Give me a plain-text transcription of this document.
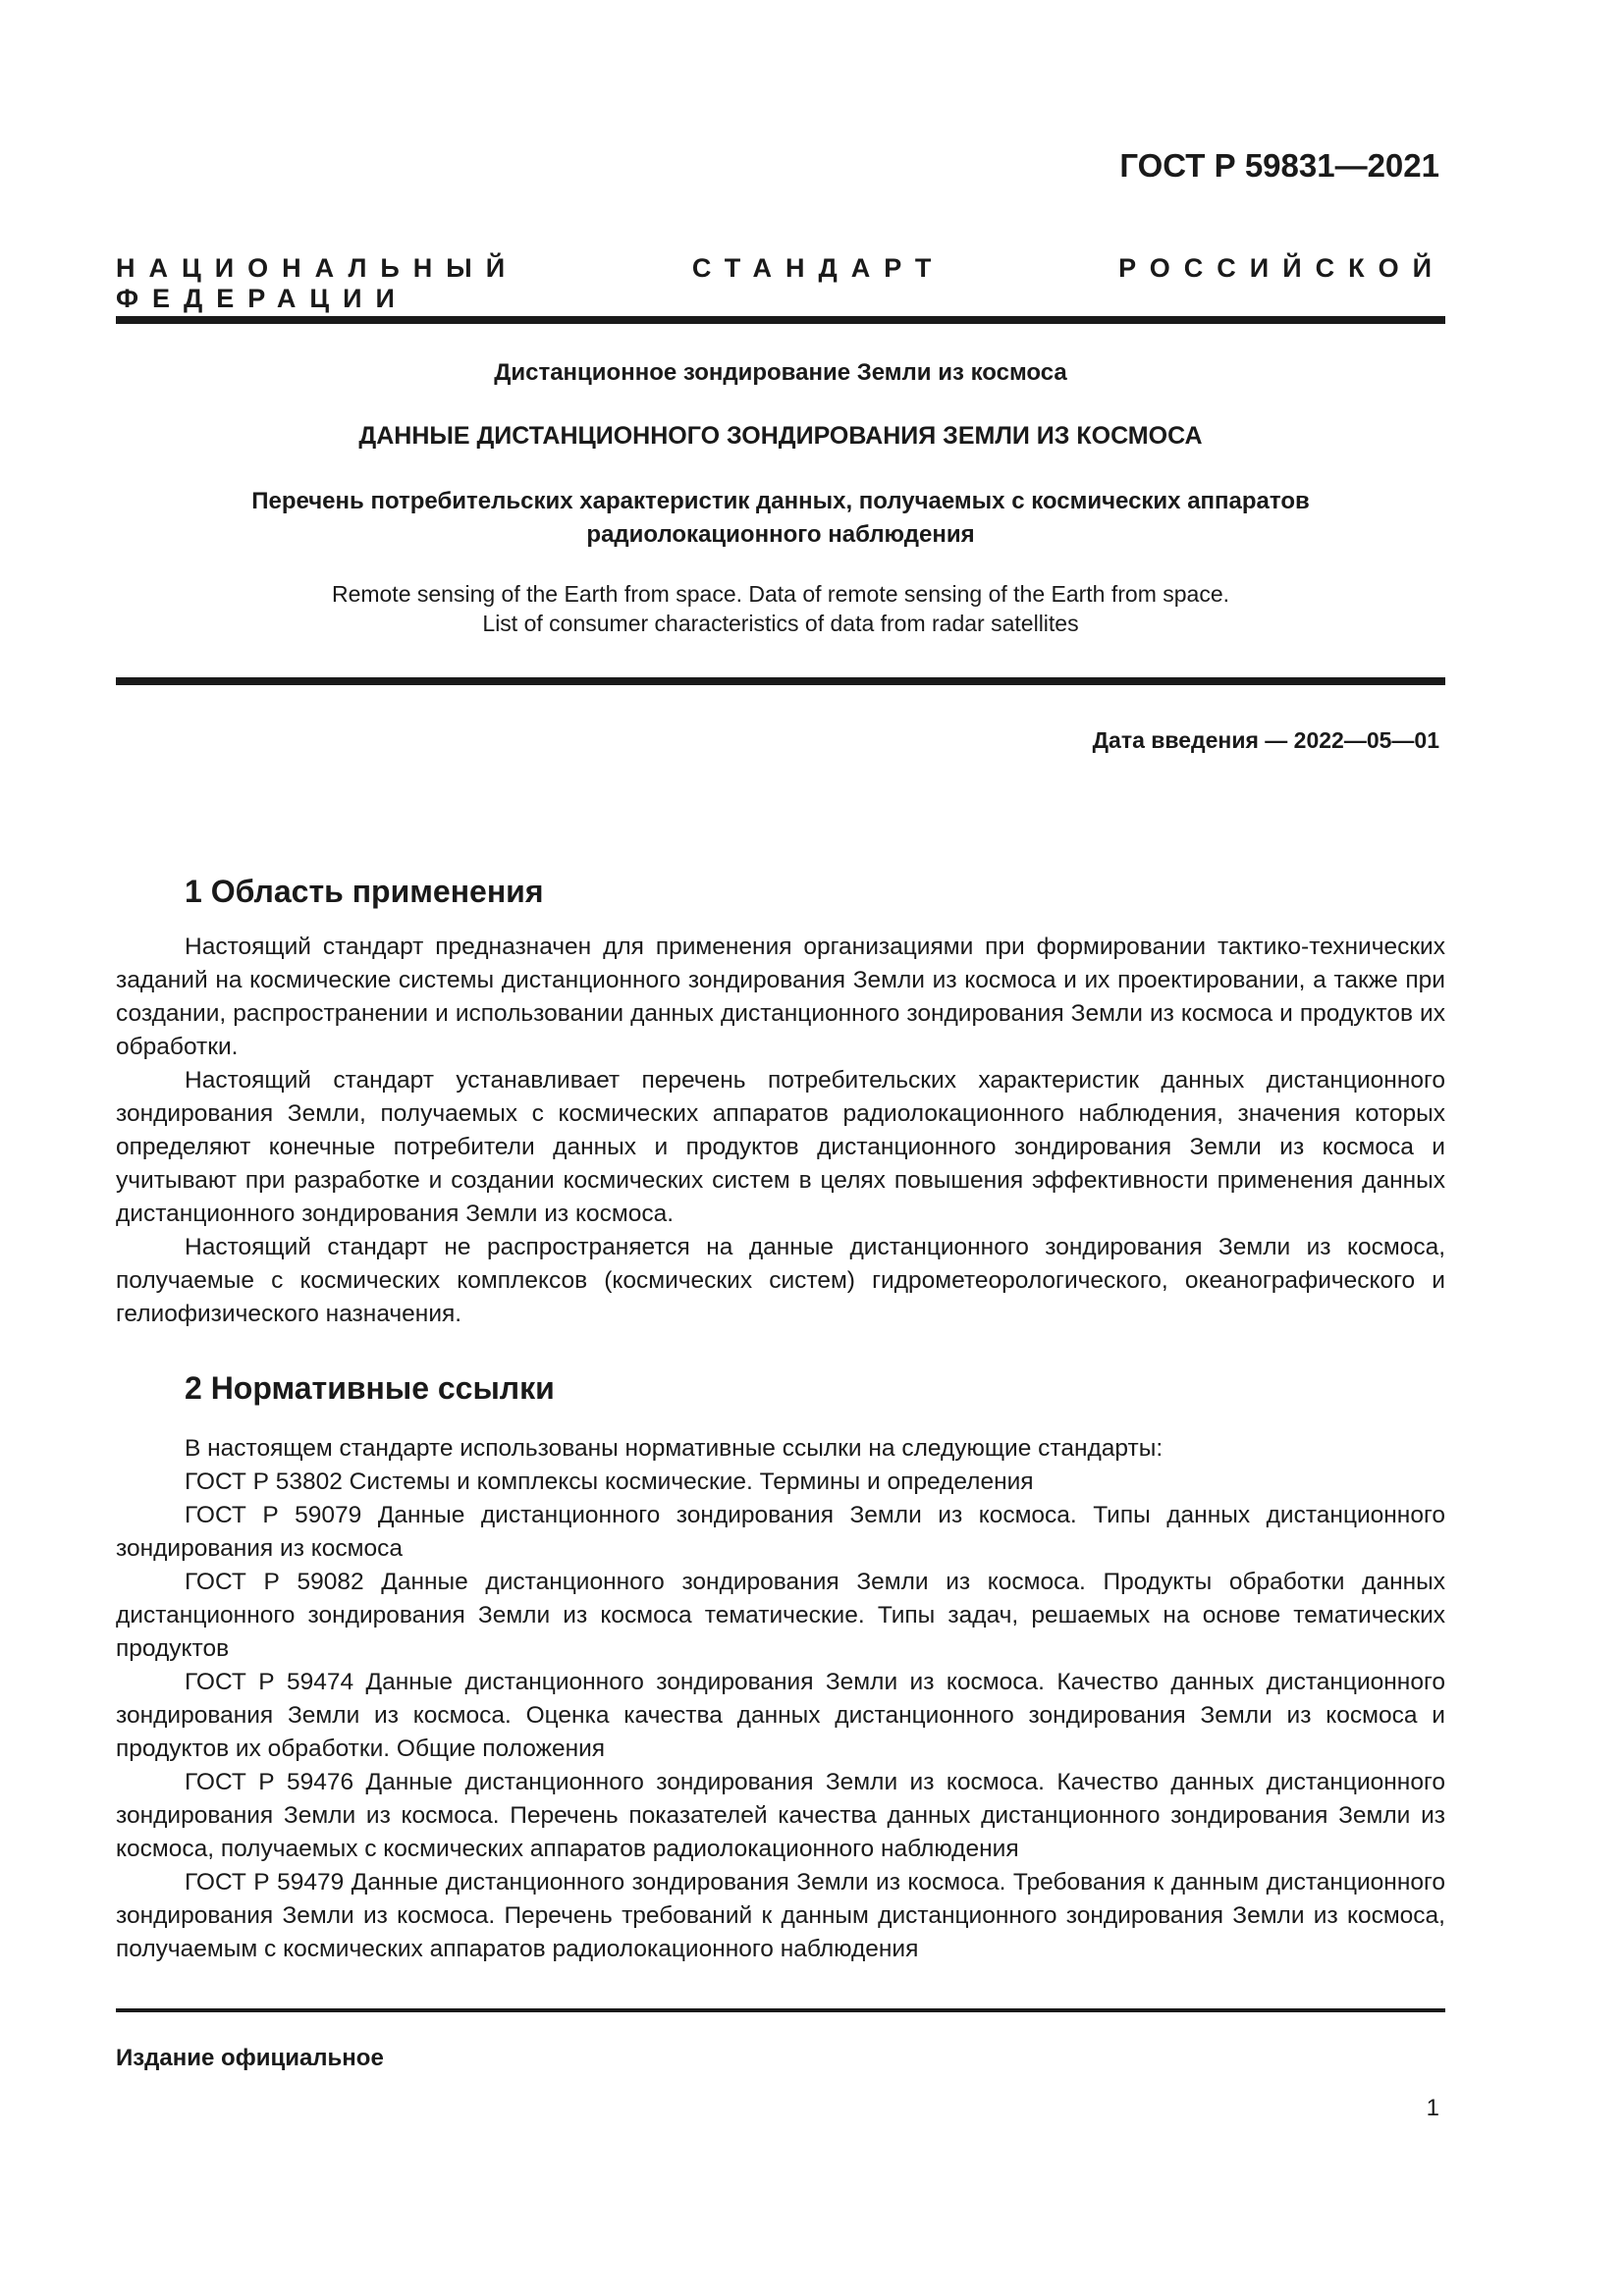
ГОСТ Р 59831—2021

НАЦИОНАЛЬНЫЙ СТАНДАРТ РОССИЙСКОЙ ФЕДЕРАЦИИ

Дистанционное зондирование Земли из космоса

ДАННЫЕ ДИСТАНЦИОННОГО ЗОНДИРОВАНИЯ ЗЕМЛИ ИЗ КОСМОСА

Перечень потребительских характеристик данных, получаемых с космических аппаратов
радиолокационного наблюдения

Remote sensing of the Earth from space. Data of remote sensing of the Earth from space.
List of consumer characteristics of data from radar satellites

Дата введения — 2022—05—01

1 Область применения

Настоящий стандарт предназначен для применения организациями при формировании тактико-технических заданий на космические системы дистанционного зондирования Земли из космоса и их проектировании, а также при создании, распространении и использовании данных дистанционного зондирования Земли из космоса и продуктов их обработки.

Настоящий стандарт устанавливает перечень потребительских характеристик данных дистанционного зондирования Земли, получаемых с космических аппаратов радиолокационного наблюдения, значения которых определяют конечные потребители данных и продуктов дистанционного зондирования Земли из космоса и учитывают при разработке и создании космических систем в целях повышения эффективности применения данных дистанционного зондирования Земли из космоса.

Настоящий стандарт не распространяется на данные дистанционного зондирования Земли из космоса, получаемые с космических комплексов (космических систем) гидрометеорологического, океанографического и гелиофизического назначения.

2 Нормативные ссылки

В настоящем стандарте использованы нормативные ссылки на следующие стандарты:

ГОСТ Р 53802 Системы и комплексы космические. Термины и определения

ГОСТ Р 59079 Данные дистанционного зондирования Земли из космоса. Типы данных дистанционного зондирования из космоса

ГОСТ Р 59082 Данные дистанционного зондирования Земли из космоса. Продукты обработки данных дистанционного зондирования Земли из космоса тематические. Типы задач, решаемых на основе тематических продуктов

ГОСТ Р 59474 Данные дистанционного зондирования Земли из космоса. Качество данных дистанционного зондирования Земли из космоса. Оценка качества данных дистанционного зондирования Земли из космоса и продуктов их обработки. Общие положения

ГОСТ Р 59476 Данные дистанционного зондирования Земли из космоса. Качество данных дистанционного зондирования Земли из космоса. Перечень показателей качества данных дистанционного зондирования Земли из космоса, получаемых с космических аппаратов радиолокационного наблюдения

ГОСТ Р 59479 Данные дистанционного зондирования Земли из космоса. Требования к данным дистанционного зондирования Земли из космоса. Перечень требований к данным дистанционного зондирования Земли из космоса, получаемым с космических аппаратов радиолокационного наблюдения

Издание официальное

1
